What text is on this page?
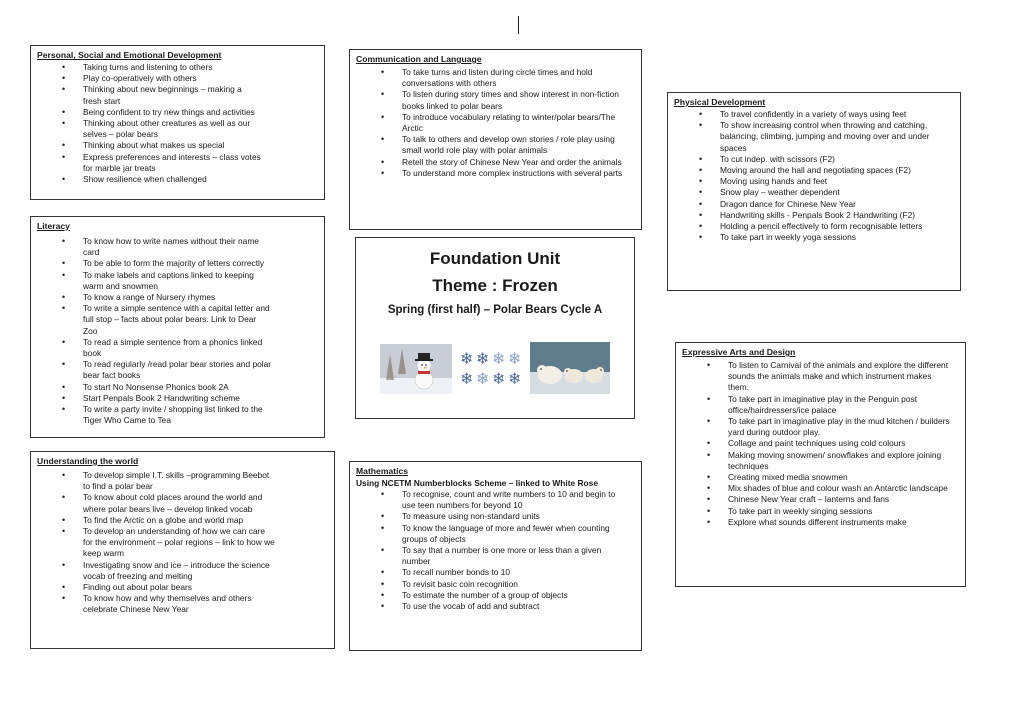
Personal, Social and Emotional Development
• Taking turns and listening to others
• Play co-operatively with others
• Thinking about new beginnings – making a fresh start
• Being confident to try new things and activities
• Thinking about other creatures as well as our selves – polar bears
• Thinking about what makes us special
• Express preferences and interests – class votes for marble jar treats
• Show resilience when challenged
Literacy
• To know how to write names without their name card
• To be able to form the majority of letters correctly
• To make labels and captions linked to keeping warm and snowmen
• To know a range of Nursery rhymes
• To write a simple sentence with a capital letter and full stop – facts about polar bears. Link to Dear Zoo
• To read a simple sentence from a phonics linked book
• To read regularly /read polar bear stories and polar bear fact books
• To start No Nonsense Phonics book 2A
• Start Penpals Book 2 Handwriting scheme
• To write a party invite / shopping list linked to the Tiger Who Came to Tea
Understanding the world
• To develop simple I.T. skills –programming Beebot to find a polar bear
• To know about cold places around the world and where polar bears live – develop linked vocab
• To find the Arctic on a globe and world map
• To develop an understanding of how we can care for the environment – polar regions – link to how we keep warm
• Investigating snow and ice – introduce the science vocab of freezing and melting
• Finding out about polar bears
• To know how and why themselves and others celebrate Chinese New Year
Communication and Language
• To take turns and listen during circle times and hold conversations with others
• To listen during story times and show interest in non-fiction books linked to polar bears
• To introduce vocabulary relating to winter/polar bears/The Arctic
• To talk to others and develop own stories / role play using small world role play with polar animals
• Retell the story of Chinese New Year and order the animals
• To understand more complex instructions with several parts
Foundation Unit
Theme : Frozen
Spring (first half) – Polar Bears Cycle A
❄ ❄ ❄ ❄
❄ ❄ ❄ ❄
Mathematics
Using NCETM Numberblocks Scheme – linked to White Rose
• To recognise, count and write numbers to 10 and begin to use teen numbers for beyond 10
• To measure using non-standard units
• To know the language of more and fewer when counting groups of objects
• To say that a number is one more or less than a given number
• To recall number bonds to 10
• To revisit basic coin recognition
• To estimate the number of a group of objects
• To use the vocab of add and subtract
Physical Development
• To travel confidently in a variety of ways using feet
• To show increasing control when throwing and catching, balancing, climbing, jumping and moving over and under spaces
• To cut indep. with scissors (F2)
• Moving around the hall and negotiating spaces (F2)
• Moving using hands and feet
• Snow play – weather dependent
• Dragon dance for Chinese New Year
• Handwriting skills - Penpals Book 2 Handwriting (F2)
• Holding a pencil effectively to form recognisable letters
• To take part in weekly yoga sessions
Expressive Arts and Design
• To listen to Carnival of the animals and explore the different sounds the animals make and which instrument makes them.
• To take part in imaginative play in the Penguin post office/hairdressers/ice palace
• To take part in imaginative play in the mud kitchen / builders yard during outdoor play.
• Collage and paint techniques using cold colours
• Making moving snowmen/ snowflakes and explore joining techniques
• Creating mixed media snowmen
• Mix shades of blue and colour wash an Antarctic landscape
• Chinese New Year craft – lanterns and fans
• To take part in weekly singing sessions
• Explore what sounds different instruments make
